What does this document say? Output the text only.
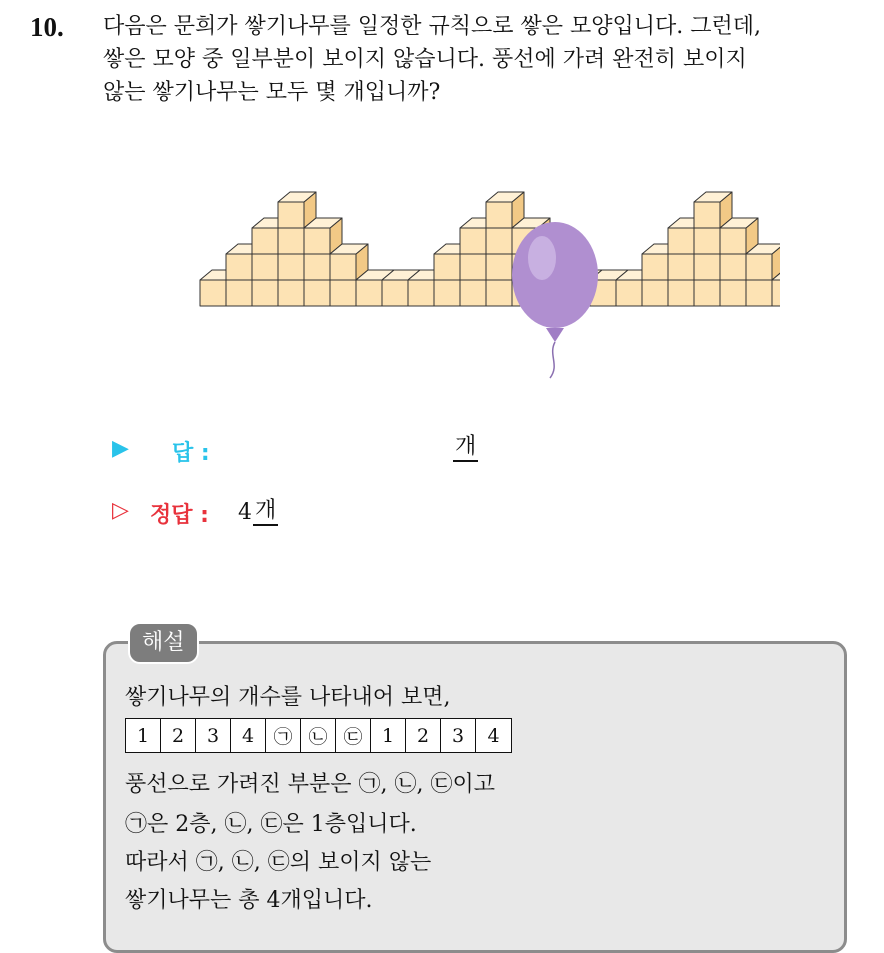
10. 다음은 문희가 쌓기나무를 일정한 규칙으로 쌓은 모양입니다. 그런데,
쌓은 모양 중 일부분이 보이지 않습니다. 풍선에 가려 완전히 보이지
않는 쌓기나무는 모두 몇 개입니까?

▶ 답 :	개
▷ 정답 : 4 개
해설
쌓기나무의 개수를 나타내어 보면,
1	2	3	4	㉠ ㉡ ㉢	1	2	3	4
풍선으로 가려진 부분은 ㉠, ㉡, ㉢이고
㉠은 2층, ㉡, ㉢은 1층입니다.
따라서 ㉠, ㉡, ㉢의 보이지 않는
쌓기나무는 총 4개입니다.
